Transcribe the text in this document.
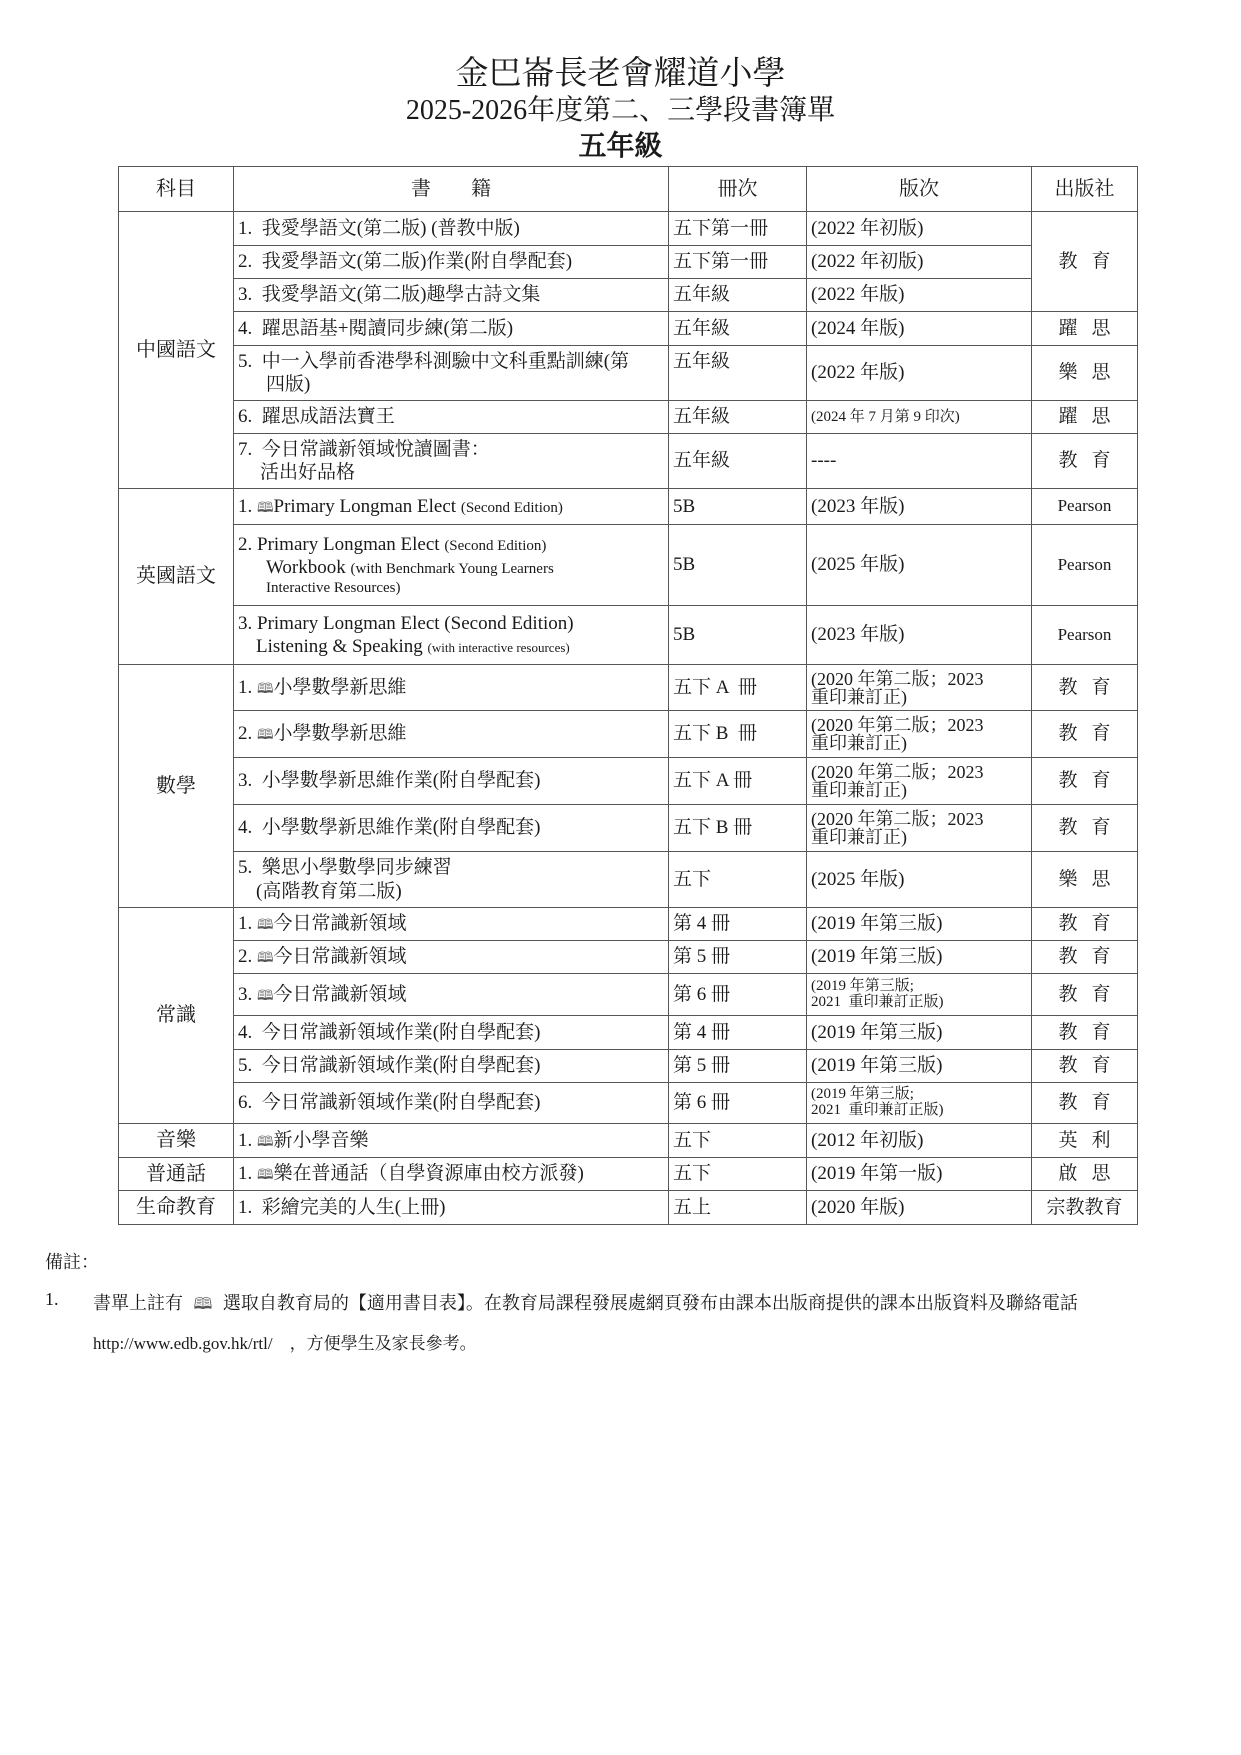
金巴崙長老會耀道小學
2025-2026年度第二、三學段書簿單
五年級
科目	書　　籍	冊次	版次	出版社
中國語文	1.  我愛學語文(第二版) (普教中版)	五下第一冊	(2022 年初版)	教育
	2.  我愛學語文(第二版)作業(附自學配套)	五下第一冊	(2022 年初版)	
	3.  我愛學語文(第二版)趣學古詩文集	五年級	(2022 年版)	
	4.  躍思語基+閱讀同步練(第二版)	五年級	(2024 年版)	躍思

	5.  中一入學前香港學科測驗中文科重點訓練(第
四版)	五年級	(2022 年版)	樂思
	6.  躍思成語法寶王	五年級	(2024 年 7 月第 9 印次)	躍思

	7.  今日常識新領域悅讀圖書：
活出好品格	五年級	----	教育
英國語文	1. 🕮Primary Longman Elect (Second Edition)	5B	(2023 年版)	Pearson

	2. Primary Longman Elect (Second Edition)
Workbook (with Benchmark Young Learners
Interactive Resources)	5B	(2025 年版)	Pearson

	3. Primary Longman Elect (Second Edition)
Listening & Speaking (with interactive resources)	5B	(2023 年版)	Pearson
數學	1. 🕮小學數學新思維	五下 A  冊	(2020 年第二版；2023
重印兼訂正)	教育
	2. 🕮小學數學新思維	五下 B  冊	(2020 年第二版；2023
重印兼訂正)	教育
	3.  小學數學新思維作業(附自學配套)	五下 A 冊	(2020 年第二版；2023
重印兼訂正)	教育
	4.  小學數學新思維作業(附自學配套)	五下 B 冊	(2020 年第二版；2023
重印兼訂正)	教育

	5.  樂思小學數學同步練習
(高階教育第二版)	五下	(2025 年版)	樂思
常識	1. 🕮今日常識新領域	第 4 冊	(2019 年第三版)	教育
	2. 🕮今日常識新領域	第 5 冊	(2019 年第三版)	教育
	3. 🕮今日常識新領域	第 6 冊	(2019 年第三版;
2021  重印兼訂正版)	教育
	4.  今日常識新領域作業(附自學配套)	第 4 冊	(2019 年第三版)	教育
	5.  今日常識新領域作業(附自學配套)	第 5 冊	(2019 年第三版)	教育
	6.  今日常識新領域作業(附自學配套)	第 6 冊	(2019 年第三版;
2021  重印兼訂正版)	教育
音樂	1. 🕮新小學音樂	五下	(2012 年初版)	英利
普通話	1. 🕮樂在普通話（自學資源庫由校方派發)	五下	(2019 年第一版)	啟思
生命教育	1.  彩繪完美的人生(上冊)	五上	(2020 年版)	宗教教育
備註：
1. 書單上註有 🕮 選取自教育局的【適用書目表】。在教育局課程發展處網頁發布由課本出版商提供的課本出版資料及聯絡電話
http://www.edb.gov.hk/rtl/　，方便學生及家長參考。
